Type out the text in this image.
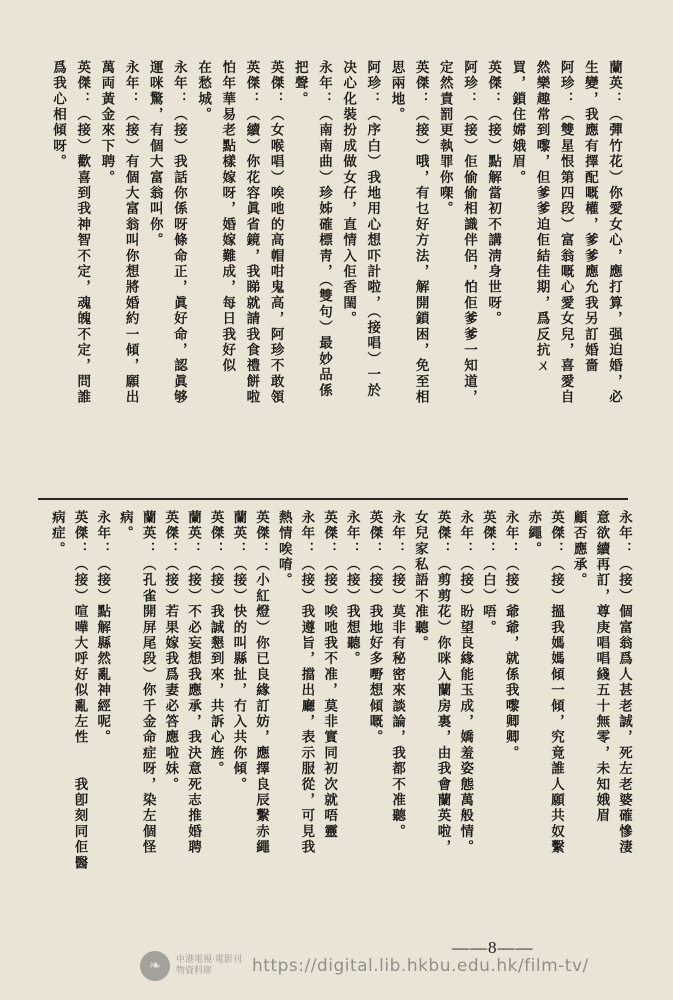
蘭英：（彈竹花）你愛女心，應打算，强迫婚，必
生變，我應有擇配嘅權，爹爹應允我另訂婚嗇
阿珍：（雙星恨第四段）富翁嘅心愛女兒，喜愛自
然樂趣常到嚟，但爹爹迫佢結佳期，爲反抗ㄨ
買，鎖住嫦娥眉。
英傑：（接）點解當初不講淸身世呀。
阿珍：（接）佢偷偷相識伴侶，怕佢爹爹一知道，
定然責罰更執罪你㗎。
英傑：（接）哦，有乜好方法，解開鎖困，免至相
思兩地。
阿珍：（序白）我地用心想吓計啦，（接唱）一於
决心化裝扮成做女仔，直情入佢香閨。
永年：（南南曲）珍姊確標靑，（雙句）最妙品係
把聲。
英傑：（女喉唱）唉吔的高帽咁鬼高，阿珍不敢領
英傑：（續）你花容眞省鏡，我睇就請我食禮餅啦
怕年華易老點樣嫁呀，婚嫁難成，每日我好似
在愁城。
永年：（接）我話你係呀條命正，眞好命，認眞够
運咪驚，有個大富翁叫你。
永年：（接）有個大富翁叫你想將婚約一傾，願出
萬両黃金來下聘。
英傑：（接）歡喜到我神智不定，魂魄不定，問誰
爲我心相傾呀。
永年：（接）個富翁爲人甚老誠，死左老婆確慘淒
意欲續再訂，尊庚唱唱綫五十無零，未知娥眉
顧否應承。
英傑：（接）搵我媽媽傾一傾，究竟誰人願共奴繫
赤繩。
永年：（接）爺爺，就係我嚟卿卿。
英傑：（白）唔。
永年：（接）盼望良緣能玉成，嬌羞姿態萬般情。
英傑：（剪剪花）你咪入蘭房裏，由我會蘭英啦，
女兒家私語不准聽。
永年：（接）莫非有秘密來談論，我都不准聽。
英傑：（接）我地好多嘢想傾嘅。
永年：（接）我想聽。
英傑：（接）唉吔我不准，莫非實同初次就唔靈
永年：（接）我遵旨，擋出廳，表示服從，可見我
熱情唉唷。
英傑：（小紅燈）你已良緣訂妨，應擇良辰繫赤繩
蘭英：（接）快的叫縣扯，冇入共你傾。
英傑：（接）我誠懇到來，共訴心旌。
蘭英：（接）不必妄想我應承，我決意死志推婚聘
英傑：（接）若果嫁我爲妻必答應啦妹。
蘭英：（孔雀開屏尾段）你千金命症呀，染左個怪
病。
永年：（接）點解縣然亂神經呢。
英傑：（接）喧嘩大呼好似亂左性　　我卽刻同佢醫
病症。
❧	中港電視·電影刊物資料庫	https://digital.lib.hkbu.edu.hk/film-tv/
——8——
